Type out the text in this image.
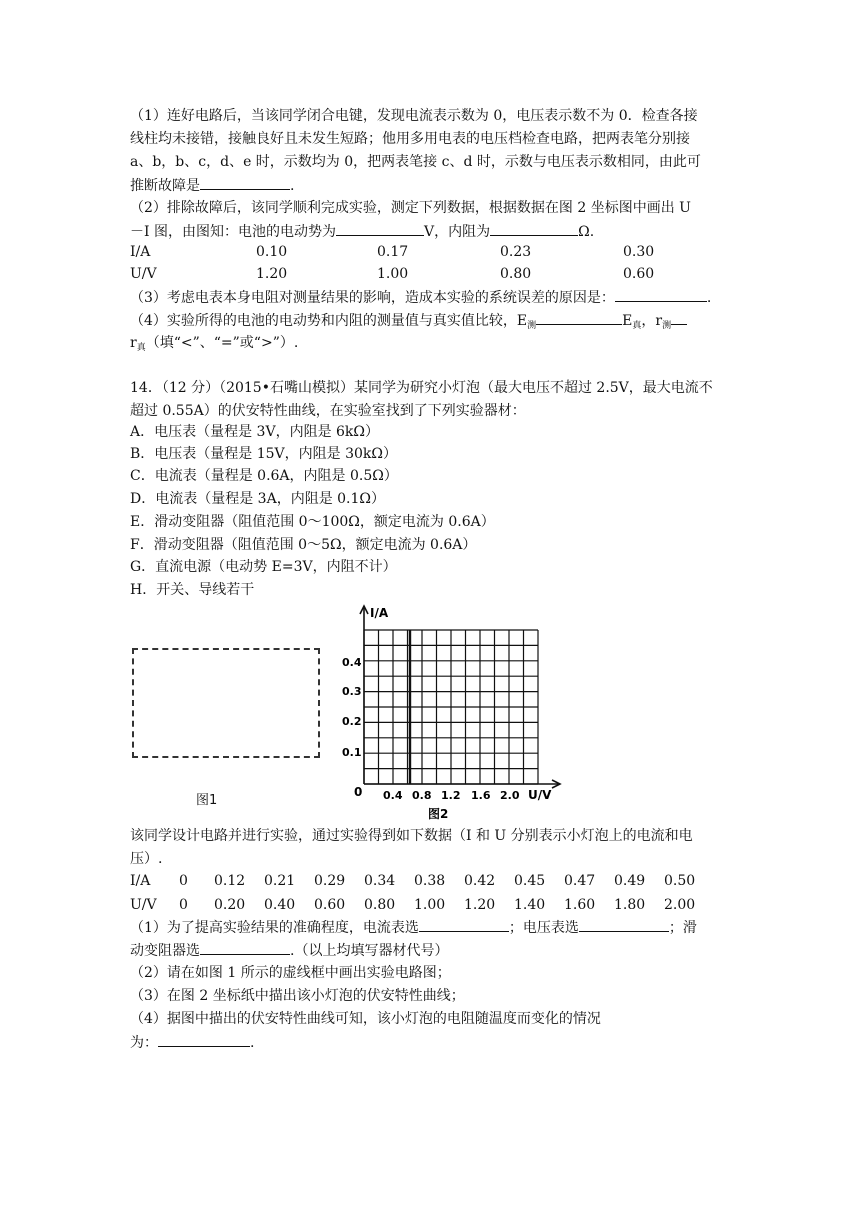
（1）连好电路后，当该同学闭合电键，发现电流表示数为 0，电压表示数不为 0．检查各接
线柱均未接错，接触良好且未发生短路；他用多用电表的电压档检查电路，把两表笔分别接
a、b，b、c，d、e 时，示数均为 0，把两表笔接 c、d 时，示数与电压表示数相同，由此可
推断故障是	.
（2）排除故障后，该同学顺利完成实验，测定下列数据，根据数据在图 2 坐标图中画出 U
－I 图，由图知：电池的电动势为	V，内阻为	Ω.
I/A	0.10	0.17	0.23	0.30
U/V	1.20	1.00	0.80	0.60
（3）考虑电表本身电阻对测量结果的影响，造成本实验的系统误差的原因是：	.
（4）实验所得的电池的电动势和内阻的测量值与真实值比较，$E_测$	$E_真$，$r_测$
$r_真$（填“<”、“=”或“>”）.
14．（12 分）（2015•石嘴山模拟）某同学为研究小灯泡（最大电压不超过 2.5V，最大电流不
超过 0.55A）的伏安特性曲线，在实验室找到了下列实验器材：
A．电压表（量程是 3V，内阻是 6kΩ）
B．电压表（量程是 15V，内阻是 30kΩ）
C．电流表（量程是 0.6A，内阻是 0.5Ω）
D．电流表（量程是 3A，内阻是 0.1Ω）
E．滑动变阻器（阻值范围 0～100Ω，额定电流为 0.6A）
F．滑动变阻器（阻值范围 0～5Ω，额定电流为 0.6A）
G．直流电源（电动势 E=3V，内阻不计）
H．开关、导线若干
图1
I/A
U/V
0
0.4
0.3
0.2
0.1
0.4 0.8 1.2 1.6 2.0
图2
该同学设计电路并进行实验，通过实验得到如下数据（I 和 U 分别表示小灯泡上的电流和电
压）.
I/A 0 0.12 0.21 0.29 0.34 0.38 0.42 0.45 0.47 0.49 0.50
U/V 0 0.20 0.40 0.60 0.80 1.00 1.20 1.40 1.60 1.80 2.00
（1）为了提高实验结果的准确程度，电流表选	；电压表选	；滑
动变阻器选	.（以上均填写器材代号）
（2）请在如图 1 所示的虚线框中画出实验电路图；
（3）在图 2 坐标纸中描出该小灯泡的伏安特性曲线；
（4）据图中描出的伏安特性曲线可知，该小灯泡的电阻随温度而变化的情况
为：	.
